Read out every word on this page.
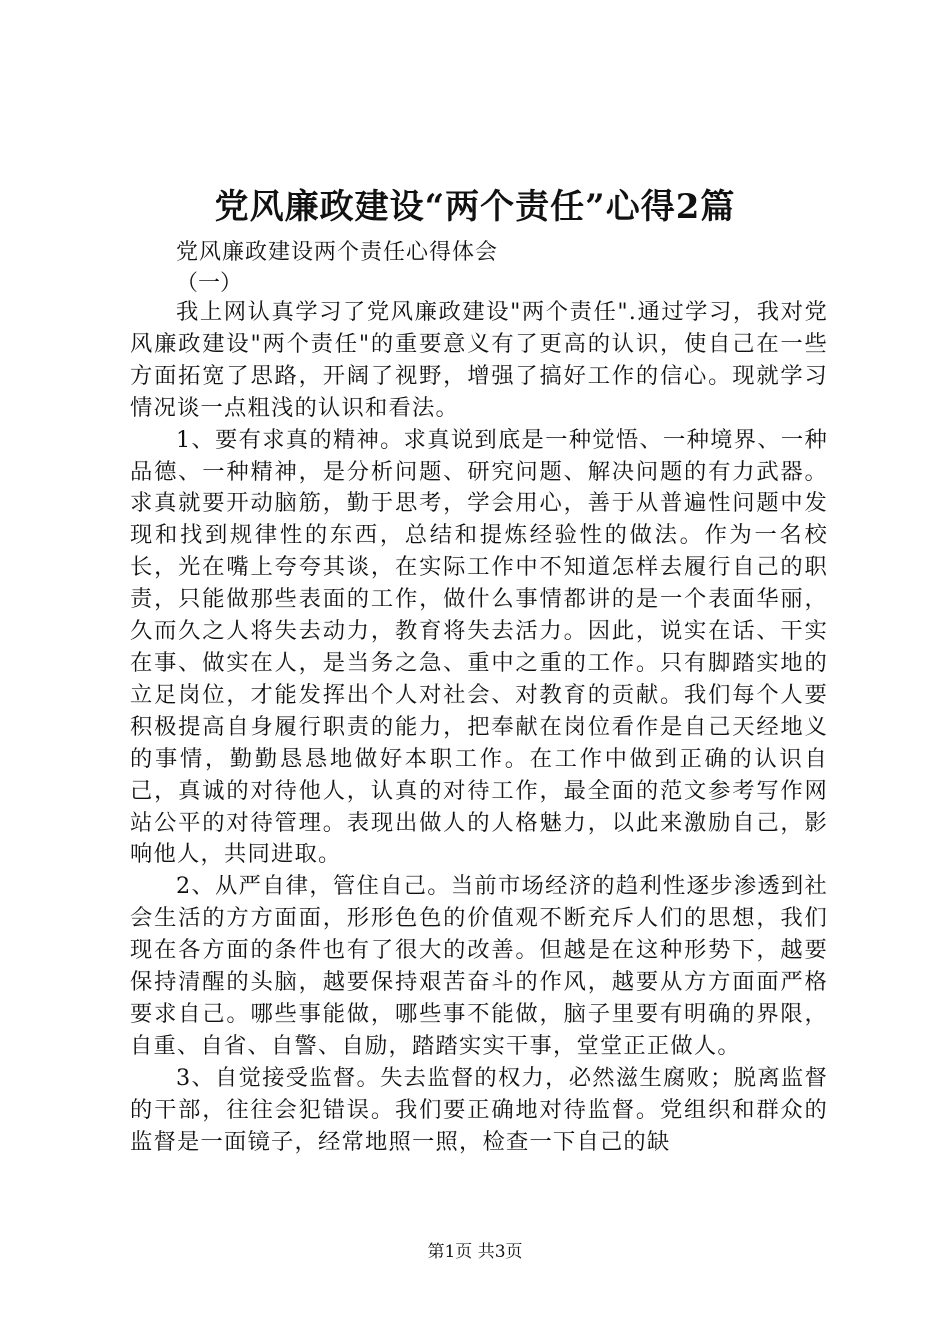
党风廉政建设“两个责任”心得2篇

党风廉政建设两个责任心得体会

（一）

我上网认真学习了党风廉政建设"两个责任".通过学习，我对党风廉政建设"两个责任"的重要意义有了更高的认识，使自己在一些方面拓宽了思路，开阔了视野，增强了搞好工作的信心。现就学习情况谈一点粗浅的认识和看法。

1、要有求真的精神。求真说到底是一种觉悟、一种境界、一种品德、一种精神，是分析问题、研究问题、解决问题的有力武器。求真就要开动脑筋，勤于思考，学会用心，善于从普遍性问题中发现和找到规律性的东西，总结和提炼经验性的做法。作为一名校长，光在嘴上夸夸其谈，在实际工作中不知道怎样去履行自己的职责，只能做那些表面的工作，做什么事情都讲的是一个表面华丽，久而久之人将失去动力，教育将失去活力。因此，说实在话、干实在事、做实在人，是当务之急、重中之重的工作。只有脚踏实地的立足岗位，才能发挥出个人对社会、对教育的贡献。我们每个人要积极提高自身履行职责的能力，把奉献在岗位看作是自己天经地义的事情，勤勤恳恳地做好本职工作。在工作中做到正确的认识自己，真诚的对待他人，认真的对待工作，最全面的范文参考写作网站公平的对待管理。表现出做人的人格魅力，以此来激励自己，影响他人，共同进取。

2、从严自律，管住自己。当前市场经济的趋利性逐步渗透到社会生活的方方面面，形形色色的价值观不断充斥人们的思想，我们现在各方面的条件也有了很大的改善。但越是在这种形势下，越要保持清醒的头脑，越要保持艰苦奋斗的作风，越要从方方面面严格要求自己。哪些事能做，哪些事不能做，脑子里要有明确的界限，自重、自省、自警、自励，踏踏实实干事，堂堂正正做人。

3、自觉接受监督。失去监督的权力，必然滋生腐败；脱离监督的干部，往往会犯错误。我们要正确地对待监督。党组织和群众的监督是一面镜子，经常地照一照，检查一下自己的缺

第1页 共3页
